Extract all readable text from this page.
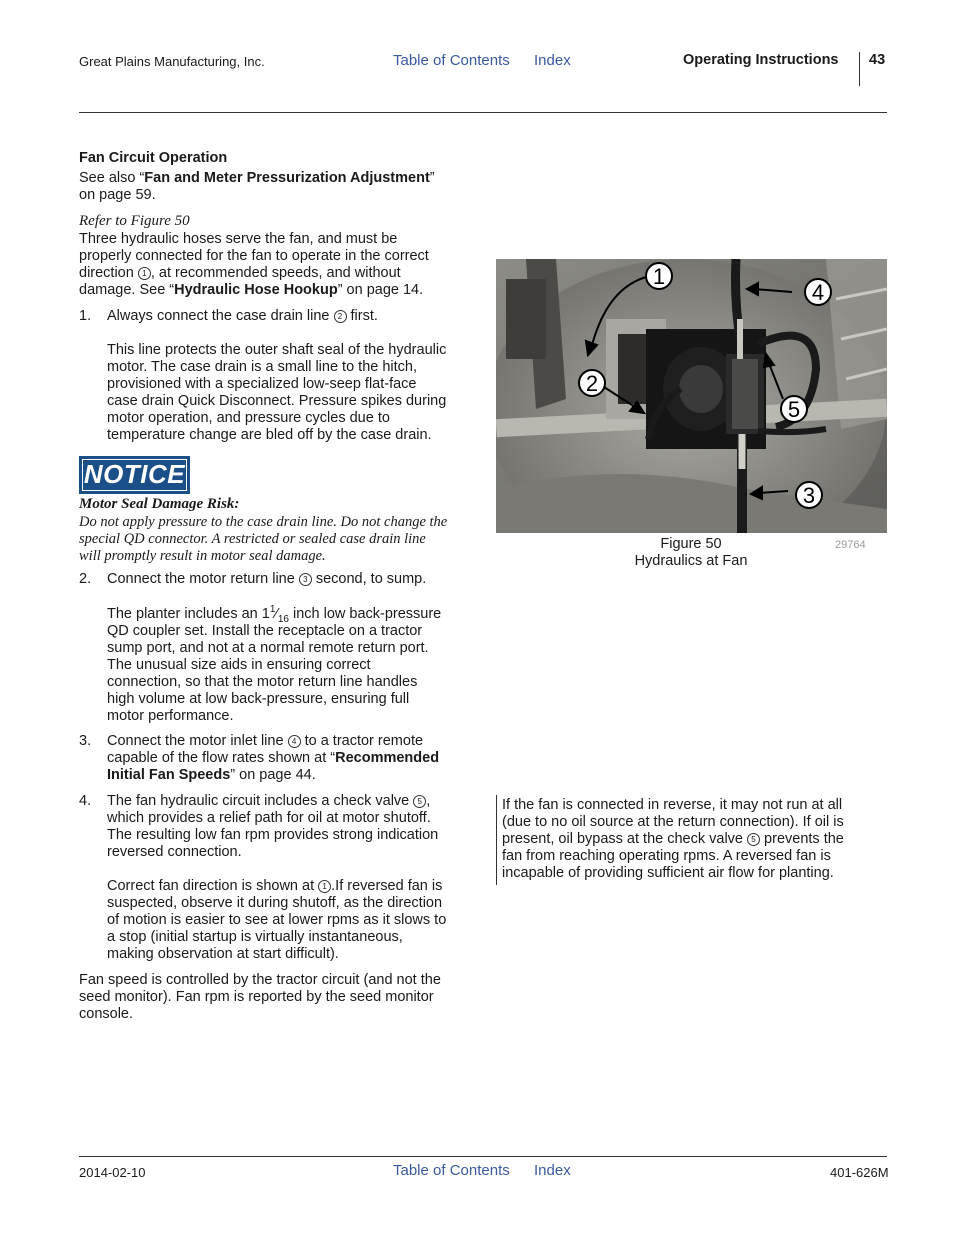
Great Plains Manufacturing, Inc.	Table of Contents Index	Operating Instructions 43

Fan Circuit Operation

See also “Fan and Meter Pressurization Adjustment”

on page 59.

Refer to Figure 50
Three hydraulic hoses serve the fan, and must be
properly connected for the fan to operate in the correct
direction 1 , at recommended speeds, and without
damage. See “Hydraulic Hose Hookup” on page 14.
1. Always connect the case drain line 2 first.
This line protects the outer shaft seal of the hydraulic
motor. The case drain is a small line to the hitch,
provisioned with a specialized low-seep flat-face
case drain Quick Disconnect. Pressure spikes during
motor operation, and pressure cycles due to
temperature change are bled off by the case drain.
NOTICE
Motor Seal Damage Risk:
Do not apply pressure to the case drain line. Do not change the
special QD connector. A restricted or sealed case drain line
will promptly result in motor seal damage.
2. Connect the motor return line 3 second, to sump.
The planter includes an $1^1⁄_{16}$ inch low back-pressure
QD coupler set. Install the receptacle on a tractor
sump port, and not at a normal remote return port.
The unusual size aids in ensuring correct
connection, so that the motor return line handles
high volume at low back-pressure, ensuring full
motor performance.
3. Connect the motor inlet line 4 to a tractor remote
capable of the flow rates shown at “Recommended
Initial Fan Speeds” on page 44.
4. The fan hydraulic circuit includes a check valve 5 ,
which provides a relief path for oil at motor shutoff.
The resulting low fan rpm provides strong indication
reversed connection.
Correct fan direction is shown at 1 .If reversed fan is
suspected, observe it during shutoff, as the direction
of motion is easier to see at lower rpms as it slows to
a stop (initial startup is virtually instantaneous,
making observation at start difficult).
Fan speed is controlled by the tractor circuit (and not the
seed monitor). Fan rpm is reported by the seed monitor
console.
1
2
3
4
5
Figure 50
Hydraulics at Fan
29764
If the fan is connected in reverse, it may not run at all
(due to no oil source at the return connection). If oil is
present, oil bypass at the check valve 5 prevents the
fan from reaching operating rpms. A reversed fan is
incapable of providing sufficient air flow for planting.
2014-02-10	Table of Contents Index	401-626M
